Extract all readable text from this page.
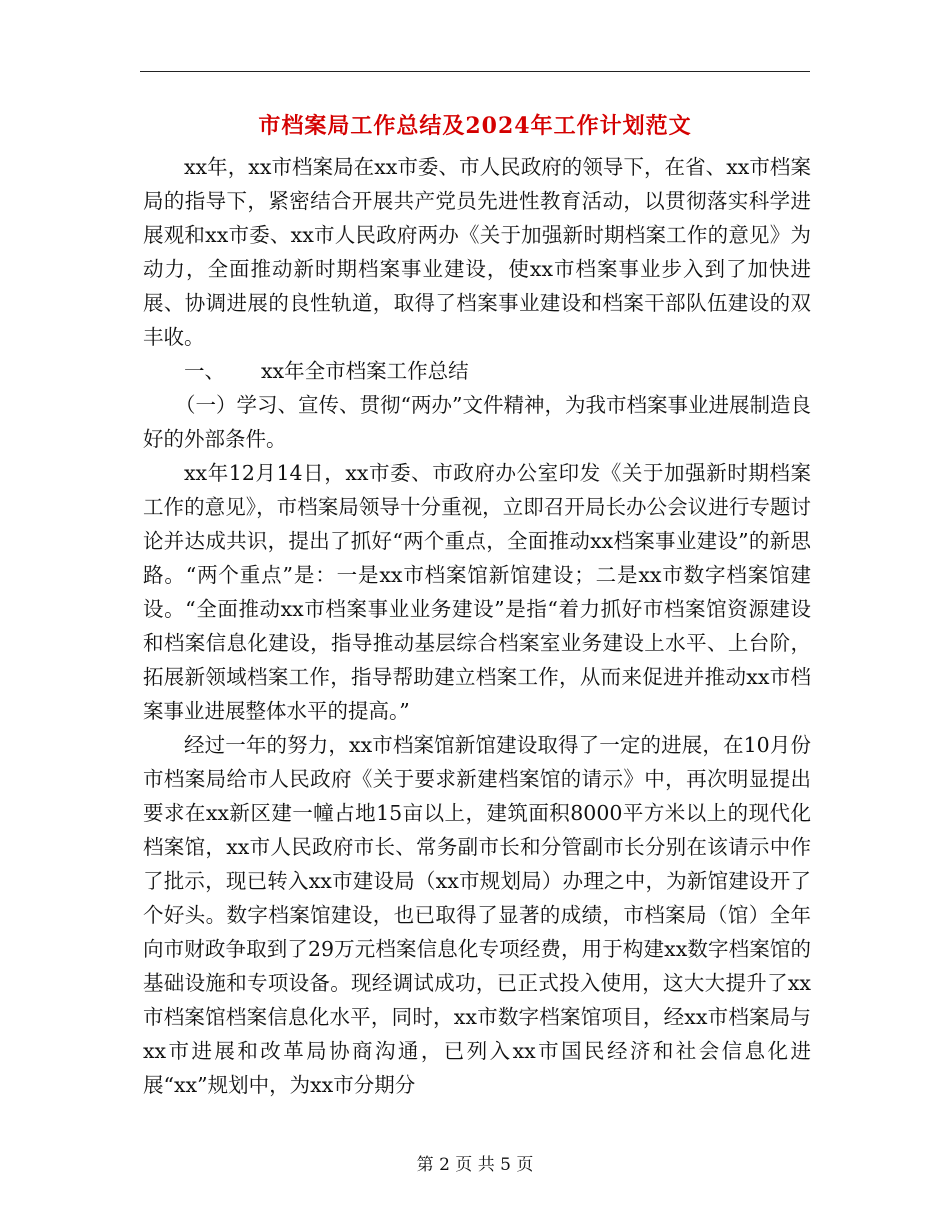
市档案局工作总结及2024年工作计划范文

xx年，xx市档案局在xx市委、市人民政府的领导下，在省、xx市档案局的指导下，紧密结合开展共产党员先进性教育活动，以贯彻落实科学进展观和xx市委、xx市人民政府两办《关于加强新时期档案工作的意见》为动力，全面推动新时期档案事业建设，使xx市档案事业步入到了加快进展、协调进展的良性轨道，取得了档案事业建设和档案干部队伍建设的双丰收。

一、 xx年全市档案工作总结

（一）学习、宣传、贯彻“两办”文件精神，为我市档案事业进展制造良好的外部条件。

xx年12月14日，xx市委、市政府办公室印发《关于加强新时期档案工作的意见》，市档案局领导十分重视，立即召开局长办公会议进行专题讨论并达成共识，提出了抓好“两个重点，全面推动xx档案事业建设”的新思路。“两个重点”是：一是xx市档案馆新馆建设；二是xx市数字档案馆建设。“全面推动xx市档案事业业务建设”是指“着力抓好市档案馆资源建设和档案信息化建设，指导推动基层综合档案室业务建设上水平、上台阶，拓展新领域档案工作，指导帮助建立档案工作，从而来促进并推动xx市档案事业进展整体水平的提高。”

经过一年的努力，xx市档案馆新馆建设取得了一定的进展，在10月份市档案局给市人民政府《关于要求新建档案馆的请示》中，再次明显提出要求在xx新区建一幢占地15亩以上，建筑面积8000平方米以上的现代化档案馆，xx市人民政府市长、常务副市长和分管副市长分别在该请示中作了批示，现已转入xx市建设局（xx市规划局）办理之中，为新馆建设开了个好头。数字档案馆建设，也已取得了显著的成绩，市档案局（馆）全年向市财政争取到了29万元档案信息化专项经费，用于构建xx数字档案馆的基础设施和专项设备。现经调试成功，已正式投入使用，这大大提升了xx市档案馆档案信息化水平，同时，xx市数字档案馆项目，经xx市档案局与xx市进展和改革局协商沟通，已列入xx市国民经济和社会信息化进展“xx”规划中，为xx市分期分

第 2 页 共 5 页
